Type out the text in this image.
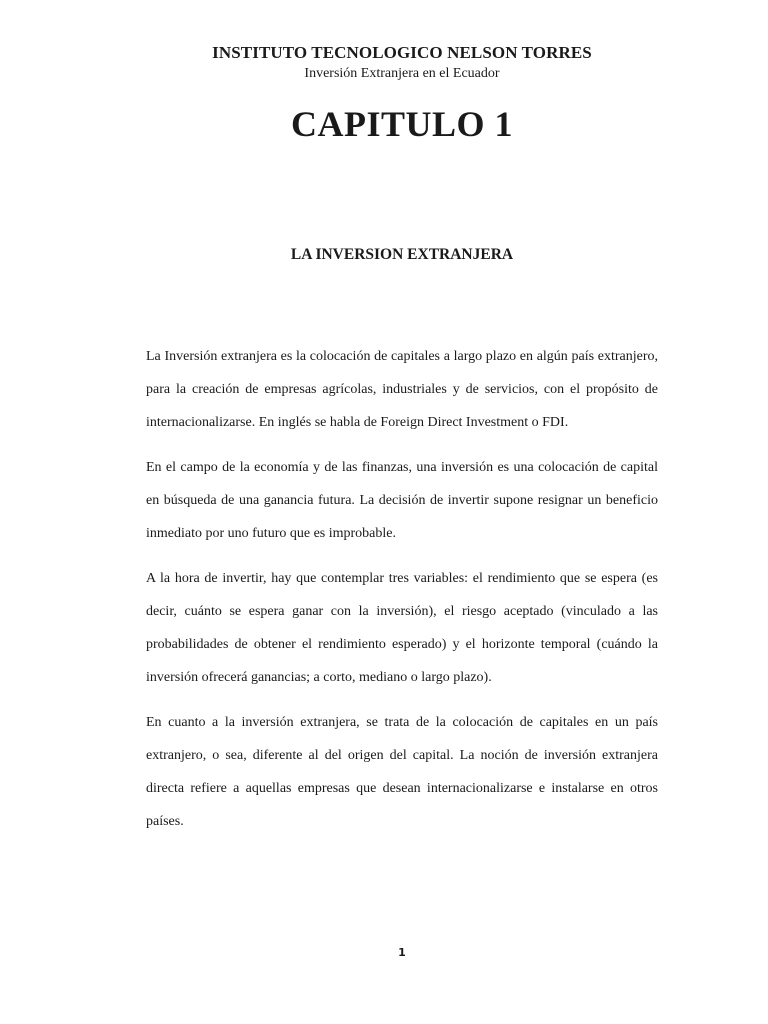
INSTITUTO TECNOLOGICO NELSON TORRES
Inversión Extranjera en el Ecuador
CAPITULO 1
LA INVERSION EXTRANJERA

La Inversión extranjera es la colocación de capitales a largo plazo en algún país extranjero, para la creación de empresas agrícolas, industriales y de servicios, con el propósito de internacionalizarse. En inglés se habla de Foreign Direct Investment o FDI.

En el campo de la economía y de las finanzas, una inversión es una colocación de capital en búsqueda de una ganancia futura. La decisión de invertir supone resignar un beneficio inmediato por uno futuro que es improbable.

A la hora de invertir, hay que contemplar tres variables: el rendimiento que se espera (es decir, cuánto se espera ganar con la inversión), el riesgo aceptado (vinculado a las probabilidades de obtener el rendimiento esperado) y el horizonte temporal (cuándo la inversión ofrecerá ganancias; a corto, mediano o largo plazo).

En cuanto a la inversión extranjera, se trata de la colocación de capitales en un país extranjero, o sea, diferente al del origen del capital. La noción de inversión extranjera directa refiere a aquellas empresas que desean internacionalizarse e instalarse en otros países.

1
